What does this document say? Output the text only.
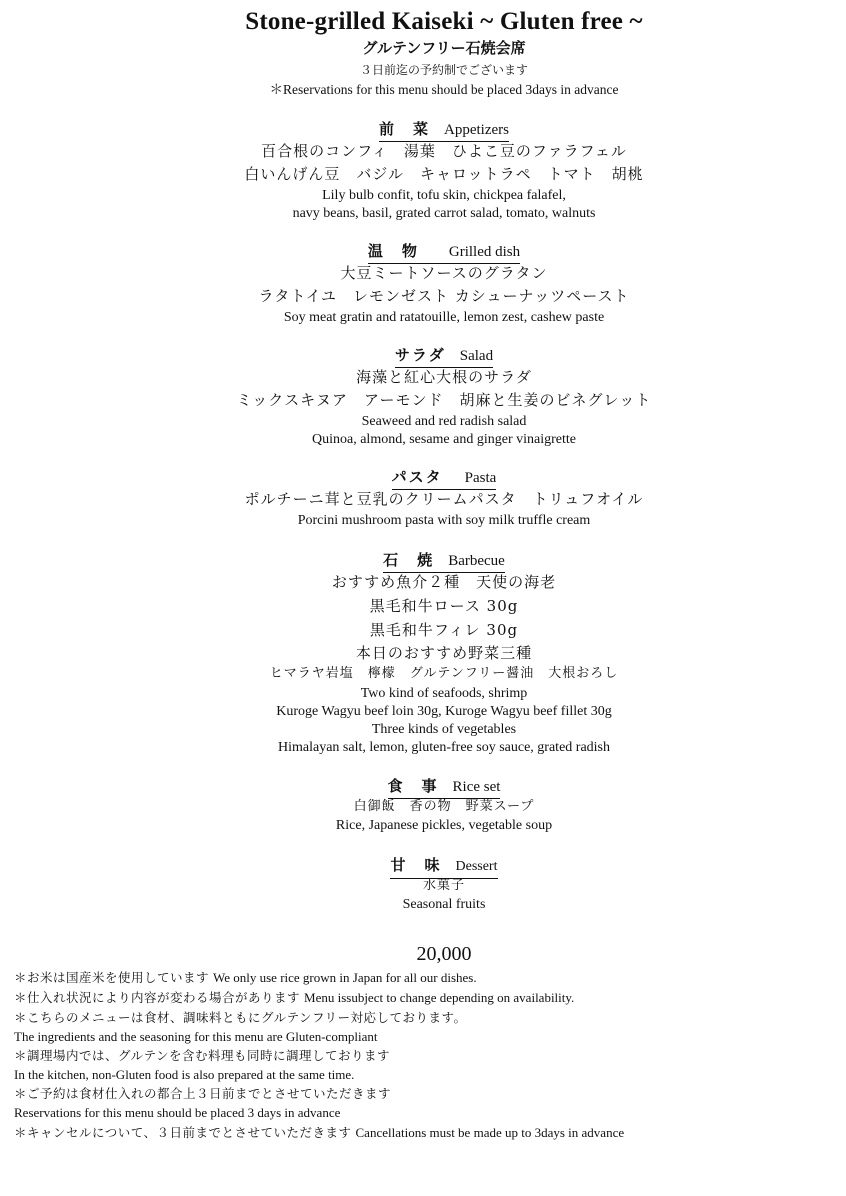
Stone-grilled Kaiseki ~ Gluten free ~
グルテンフリー石焼会席
３日前迄の予約制でございます
＊Reservations for this menu should be placed 3days in advance
前　菜 Appetizers
百合根のコンフィ　湯葉　ひよこ豆のファラフェル
白いんげん豆　バジル　キャロットラペ　トマト　胡桃
Lily bulb confit, tofu skin, chickpea falafel,
navy beans, basil, grated carrot salad, tomato, walnuts
温　物 Grilled dish
大豆ミートソースのグラタン
ラタトイユ　レモンゼスト カシューナッツペースト
Soy meat gratin and ratatouille, lemon zest, cashew paste
サラダ Salad
海藻と紅心大根のサラダ
ミックスキヌア　アーモンド　胡麻と生姜のビネグレット
Seaweed and red radish salad
Quinoa, almond, sesame and ginger vinaigrette
パスタ Pasta
ポルチーニ茸と豆乳のクリームパスタ　トリュフオイル
Porcini mushroom pasta with soy milk truffle cream
石　焼 Barbecue
おすすめ魚介２種　天使の海老
黒毛和牛ロース 30g
黒毛和牛フィレ 30g
本日のおすすめ野菜三種
ヒマラヤ岩塩　檸檬　グルテンフリー醤油　大根おろし
Two kind of seafoods, shrimp
Kuroge Wagyu beef loin 30g, Kuroge Wagyu beef fillet 30g
Three kinds of vegetables
Himalayan salt, lemon, gluten-free soy sauce, grated radish
食　事 Rice set
白御飯　香の物　野菜スープ
Rice, Japanese pickles, vegetable soup
甘　味 Dessert
水菓子
Seasonal fruits
20,000
＊お米は国産米を使用しています We only use rice grown in Japan for all our dishes.
＊仕入れ状況により内容が変わる場合があります Menu issubject to change depending on availability.
＊こちらのメニューは食材、調味料ともにグルテンフリー対応しております。
The ingredients and the seasoning for this menu are Gluten-compliant
＊調理場内では、グルテンを含む料理も同時に調理しております
In the kitchen, non-Gluten food is also prepared at the same time.
＊ご予約は食材仕入れの都合上３日前までとさせていただきます
Reservations for this menu should be placed 3 days in advance
＊キャンセルについて、３日前までとさせていただきます Cancellations must be made up to 3days in advance
